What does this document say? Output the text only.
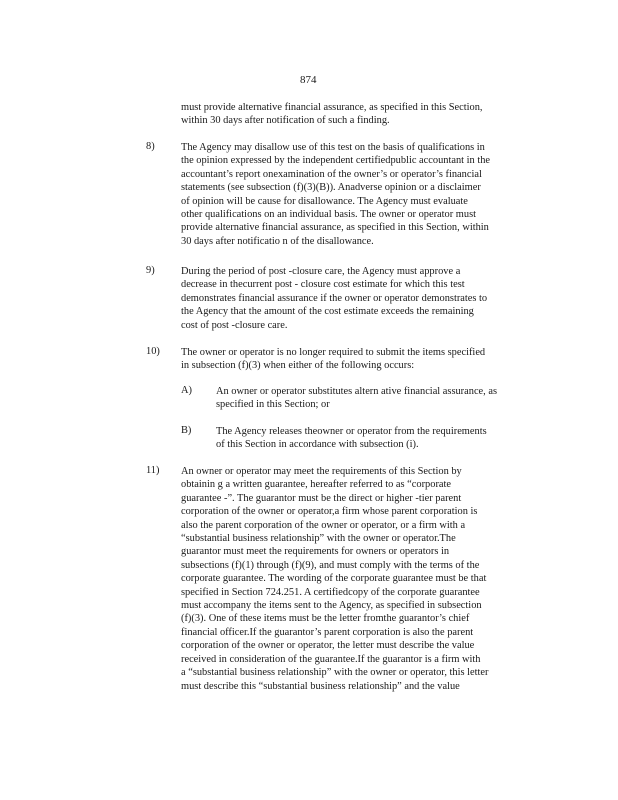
874

must provide alternative financial assurance, as specified in this Section,
within 30 days after notification of such a finding.

8)	The Agency may disallow use of this test on the basis of qualifications in
the opinion expressed by the independent certifiedpublic accountant in the
accountant’s report onexamination of the owner’s or operator’s financial
statements (see subsection (f)(3)(B)). Anadverse opinion or a disclaimer
of opinion will be cause for disallowance. The Agency must evaluate
other qualifications on an individual basis. The owner or operator must
provide alternative financial assurance, as specified in this Section, within
30 days after notificatio n of the disallowance.

9)	During the period of post -closure care, the Agency must approve a
decrease in thecurrent post - closure cost estimate for which this test
demonstrates financial assurance if the owner or operator demonstrates to
the Agency that the amount of the cost estimate exceeds the remaining
cost of post -closure care.

10) The owner or operator is no longer required to submit the items specified
in subsection (f)(3) when either of the following occurs:

A) An owner or operator substitutes altern ative financial assurance, as
specified in this Section; or

B) The Agency releases theowner or operator from the requirements
of this Section in accordance with subsection (i).

11) An owner or operator may meet the requirements of this Section by
obtainin g a written guarantee, hereafter referred to as “corporate
guarantee -”. The guarantor must be the direct or higher -tier parent
corporation of the owner or operator,a firm whose parent corporation is
also the parent corporation of the owner or operator, or a firm with a
“substantial business relationship” with the owner or operator.The
guarantor must meet the requirements for owners or operators in
subsections (f)(1) through (f)(9), and must comply with the terms of the
corporate guarantee. The wording of the corporate guarantee must be that
specified in Section 724.251. A certifiedcopy of the corporate guarantee
must accompany the items sent to the Agency, as specified in subsection
(f)(3). One of these items must be the letter fromthe guarantor’s chief
financial officer.If the guarantor’s parent corporation is also the parent
corporation of the owner or operator, the letter must describe the value
received in consideration of the guarantee.If the guarantor is a firm with
a “substantial business relationship” with the owner or operator, this letter
must describe this “substantial business relationship” and the value
